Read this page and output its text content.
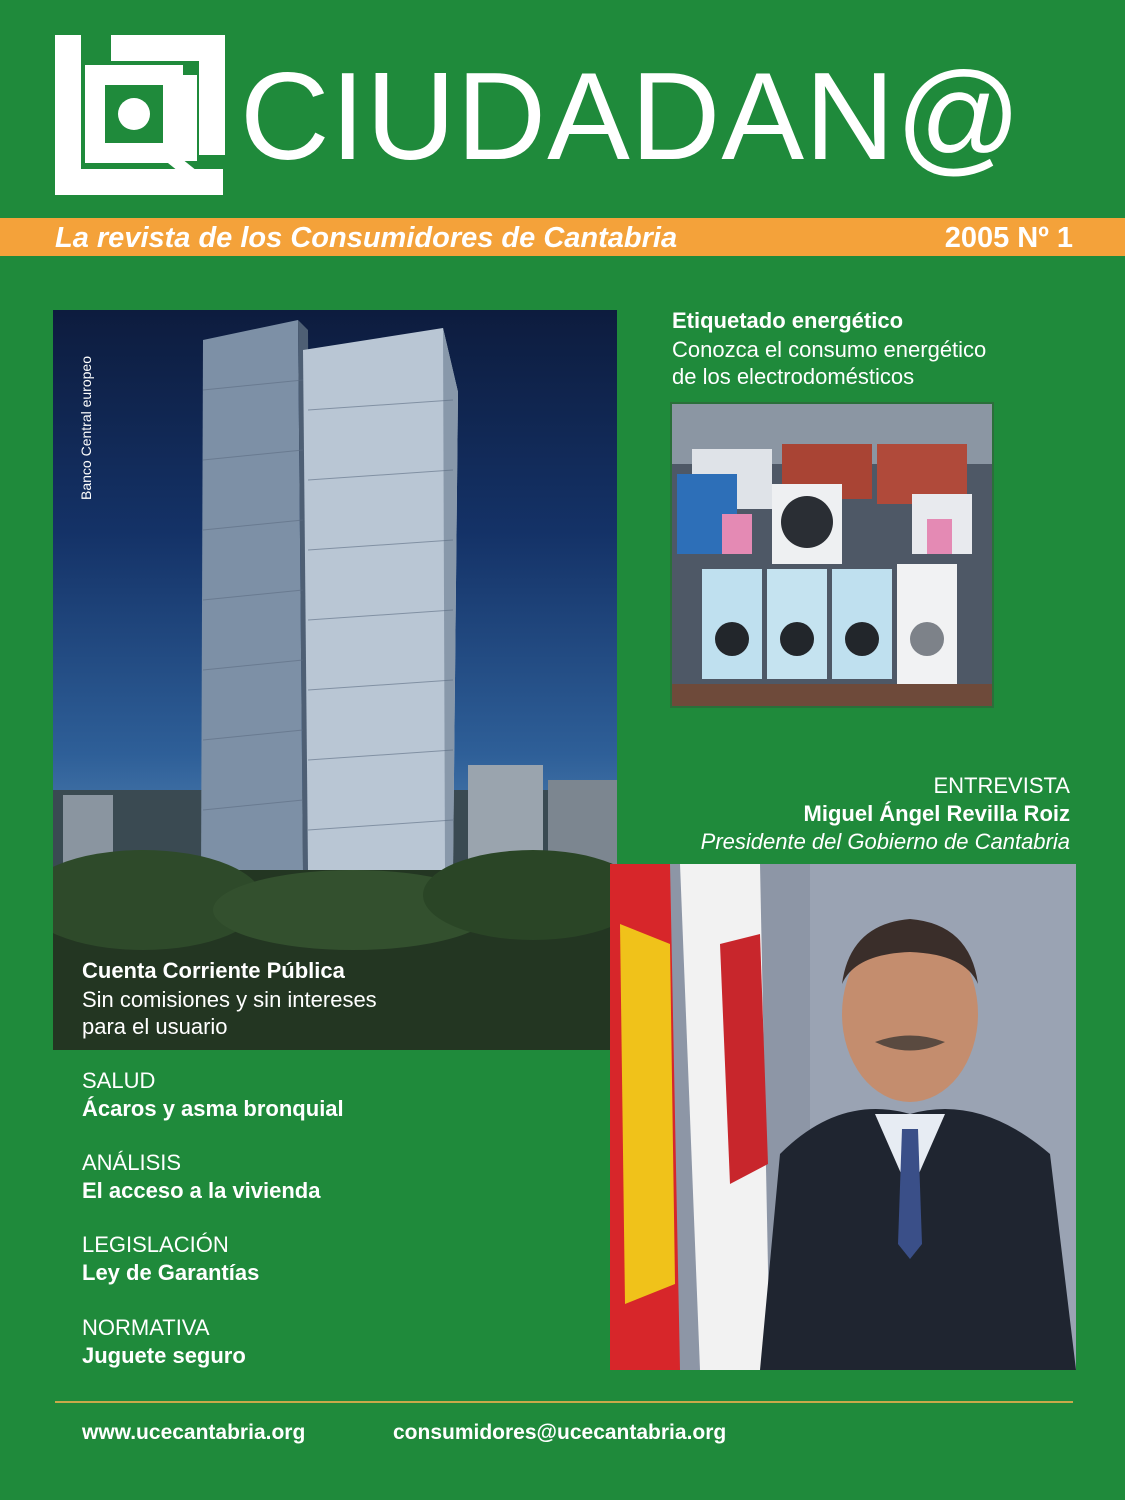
CIUDADAN@
La revista de los Consumidores de Cantabria	2005 Nº 1
Banco Central europeo
Cuenta Corriente Pública
Sin comisiones y sin intereses
para el usuario
Etiquetado energético
Conozca el consumo energético
de los electrodomésticos
ENTREVISTA
Miguel Ángel Revilla Roiz
Presidente del Gobierno de Cantabria
SALUD
Ácaros y asma bronquial
ANÁLISIS
El acceso a la vivienda
LEGISLACIÓN
Ley de Garantías
NORMATIVA
Juguete seguro
www.ucecantabria.org	consumidores@ucecantabria.org
